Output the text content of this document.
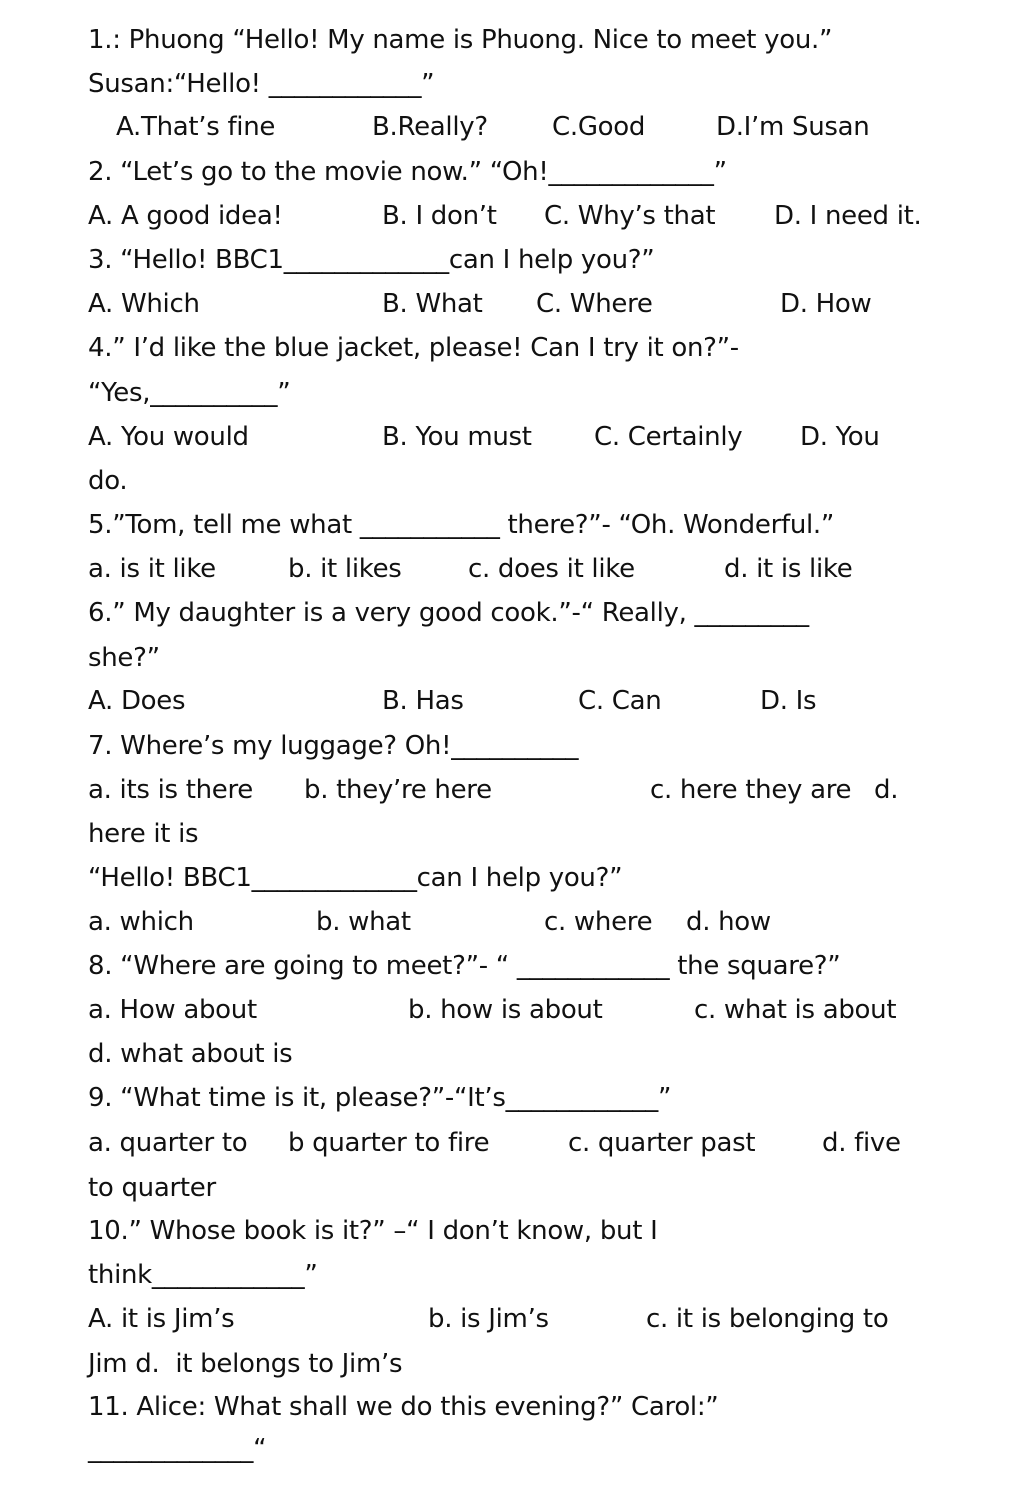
1.: Phuong “Hello! My name is Phuong. Nice to meet you.”
Susan:“Hello! ____________”
A.That’s fine	B.Really? C.Good	D.I’m Susan
2. “Let’s go to the movie now.” “Oh!_____________”
A. A good idea!	B. I don’t C. Why’s that D. I need it.
3. “Hello! BBC1_____________can I help you?”
A. Which	B. What C. Where	D. How
4.” I’d like the blue jacket, please! Can I try it on?”-
“Yes,__________”
A. You would	B. You must C. Certainly D. You
do.
5.”Tom, tell me what ___________ there?”- “Oh. Wonderful.”
a. is it like	b. it likes	c. does it like	d. it is like
6.” My daughter is a very good cook.”-“ Really, _________
she?”
A. Does	B. Has	C. Can	D. Is
7. Where’s my luggage? Oh!__________
a. its is there b. they’re here	c. here they are d.
here it is
“Hello! BBC1_____________can I help you?”
a. which	b. what	c. where d. how
8. “Where are going to meet?”- “ ____________ the square?”
a. How about	b. how is about	c. what is about
d. what about is
9. “What time is it, please?”-“It’s____________”
a. quarter to b quarter to fire	c. quarter past	d. five
to quarter
10.” Whose book is it?” –“ I don’t know, but I
think____________”
A. it is Jim’s	b. is Jim’s	c. it is belonging to
Jim d.  it belongs to Jim’s
11. Alice: What shall we do this evening?” Carol:”
_____________“
